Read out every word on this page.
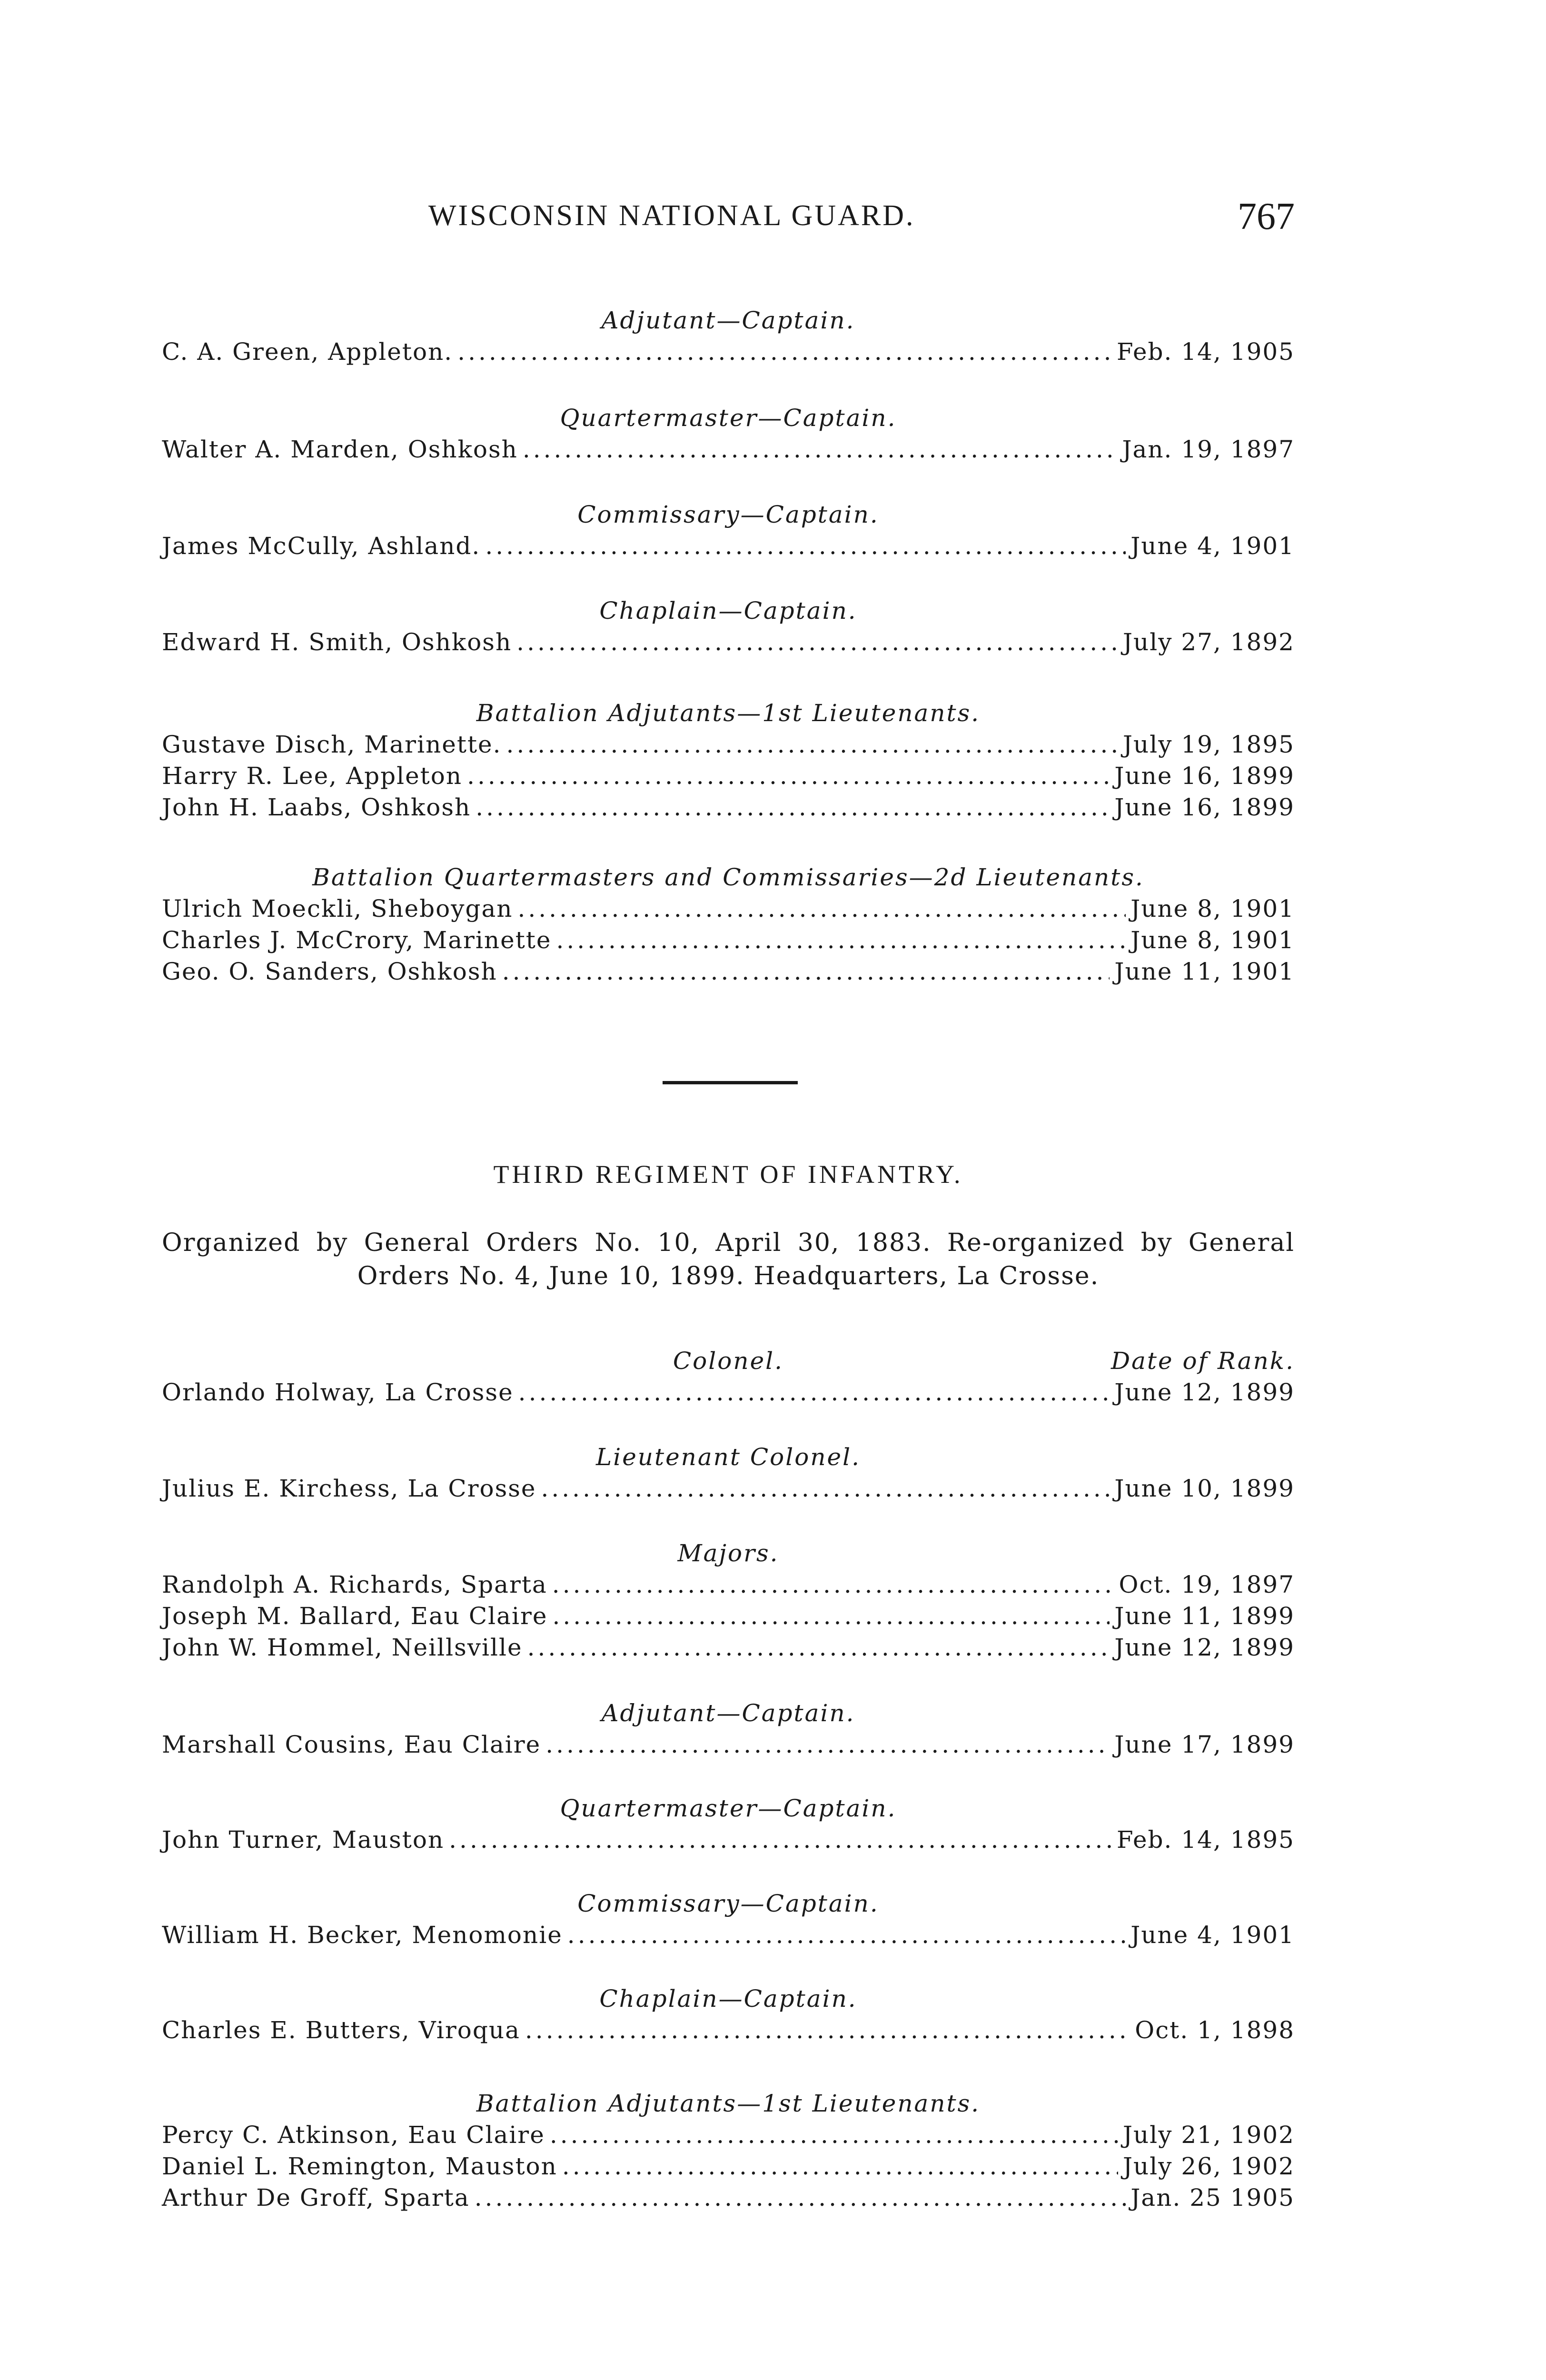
WISCONSIN NATIONAL GUARD.	767
Adjutant—Captain.
C. A. Green, Appleton. .....	Feb. 14, 1905
Quartermaster—Captain.
Walter A. Marden, Oshkosh .....	Jan. 19, 1897
Commissary—Captain.
James McCully, Ashland. .....	June 4, 1901
Chaplain—Captain.
Edward H. Smith, Oshkosh .....	July 27, 1892
Battalion Adjutants—1st Lieutenants.
Gustave Disch, Marinette. .....	July 19, 1895
Harry R. Lee, Appleton .....	June 16, 1899
John H. Laabs, Oshkosh .....	June 16, 1899
Battalion Quartermasters and Commissaries—2d Lieutenants.
Ulrich Moeckli, Sheboygan .....	June 8, 1901
Charles J. McCrory, Marinette .....	June 8, 1901
Geo. O. Sanders, Oshkosh .....	June 11, 1901
THIRD REGIMENT OF INFANTRY.
Organized by General Orders No. 10, April 30, 1883. Re-organized by General
Orders No. 4, June 10, 1899. Headquarters, La Crosse.
Colonel.	Date of Rank.
Orlando Holway, La Crosse .....	June 12, 1899
Lieutenant Colonel.
Julius E. Kirchess, La Crosse .....	June 10, 1899
Majors.
Randolph A. Richards, Sparta .....	Oct. 19, 1897
Joseph M. Ballard, Eau Claire .....	June 11, 1899
John W. Hommel, Neillsville .....	June 12, 1899
Adjutant—Captain.
Marshall Cousins, Eau Claire .....	June 17, 1899
Quartermaster—Captain.
John Turner, Mauston .....	Feb. 14, 1895
Commissary—Captain.
William H. Becker, Menomonie .....	June 4, 1901
Chaplain—Captain.
Charles E. Butters, Viroqua .....	Oct. 1, 1898
Battalion Adjutants—1st Lieutenants.
Percy C. Atkinson, Eau Claire .....	July 21, 1902
Daniel L. Remington, Mauston .....	July 26, 1902
Arthur De Groff, Sparta .....	Jan. 25 1905
